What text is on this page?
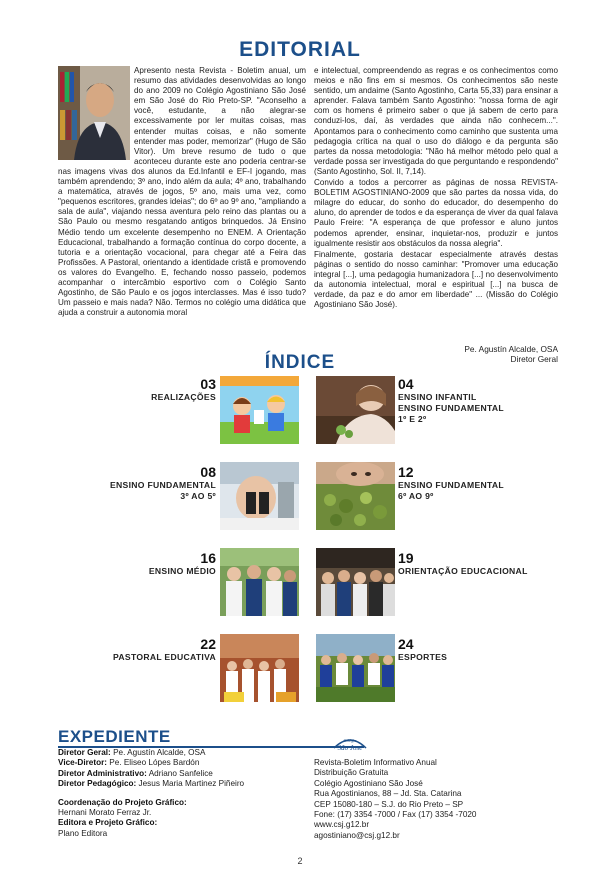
EDITORIAL
Apresento nesta Revista - Boletim anual, um resumo das atividades desenvolvidas ao longo do ano 2009 no Colégio Agostiniano São José em São José do Rio Preto-SP. "Aconselho a você, estudante, a não alegrar-se excessivamente por ler muitas coisas, mas entender muitas coisas, e não somente entender mas poder, memorizar" (Hugo de São Vitor). Um breve resumo de tudo o que aconteceu durante este ano poderia centrar-se nas imagens vivas dos alunos da Ed.Infantil e EF-I jogando, mas também aprendendo; 3º ano, indo além da aula; 4º ano, trabalhando a matemática, através de jogos, 5º ano, mais uma vez, como "pequenos escritores, grandes ideias"; do 6º ao 9º ano, "ampliando a sala de aula", viajando nessa aventura pelo reino das plantas ou a São Paulo ou mesmo resgatando antigos brinquedos. Já Ensino Médio tendo um excelente desempenho no ENEM. A Orientação Educacional, trabalhando a formação contínua do corpo docente, a tutoria e a orientação vocacional, para chegar até a Feira das Profissões. A Pastoral, orientando a identidade cristã e promovendo os valores do Evangelho. E, fechando nosso passeio, podemos acompanhar o intercâmbio esportivo com o Colégio Santo Agostinho, de São Paulo e os jogos interclasses. Mas é isso tudo? Um passeio e mais nada? Não. Termos no colégio uma didática que ajuda a construir a autonomia moral

e intelectual, compreendendo as regras e os conhecimentos como meios e não fins em si mesmos. Os conhecimentos são neste sentido, um andaime (Santo Agostinho, Carta 55,33) para ensinar a aprender. Falava também Santo Agostinho: "nossa forma de agir com os homens é primeiro saber o que já sabem de certo para conduzi-los, daí, às verdades que ainda não conhecem...". Apontamos para o conhecimento como caminho que sustenta uma pedagogia crítica na qual o uso do diálogo e da pergunta são partes da nossa metodologia: "Não há melhor método pelo qual a verdade possa ser investigada do que perguntando e respondendo" (Santo Agostinho, Sol. II, 7,14).

Convido a todos a percorrer as páginas de nossa REVISTA-BOLETIM AGOSTINIANO-2009 que são partes da nossa vida, do milagre do educar, do sonho do educador, do desempenho do aluno, do aprender de todos e da esperança de viver da qual falava Paulo Freire: "A esperança de que professor e aluno juntos podemos aprender, ensinar, inquietar-nos, produzir e juntos igualmente resistir aos obstáculos da nossa alegria".

Finalmente, gostaria destacar especialmente através destas páginas o sentido do nosso caminhar: "Promover uma educação integral [...], uma pedagogia humanizadora [...] no desenvolvimento da autonomia intelectual, moral e espiritual [...] na busca de verdade, da paz e do amor em liberdade" ... (Missão do Colégio Agostiniano São José).

Pe. Agustín Alcalde, OSA
Diretor Geral
ÍNDICE
03
REALIZAÇÕES
04
ENSINO INFANTIL
ENSINO FUNDAMENTAL
1º E 2º
08
ENSINO FUNDAMENTAL
3º AO 5º
12
ENSINO FUNDAMENTAL
6º AO 9º
16
ENSINO MÉDIO
19
ORIENTAÇÃO EDUCACIONAL
22
PASTORAL EDUCATIVA
24
ESPORTES
EXPEDIENTE
Diretor Geral: Pe. Agustín Alcalde, OSA
Vice-Diretor: Pe. Eliseo Lópes Bardón
Diretor Administrativo: Adriano Sanfelice
Diretor Pedagógico: Jesus Maria Martinez Piñeiro
Coordenação do Projeto Gráfico:
Hernani Morato Ferraz Jr.
Editora e Projeto Gráfico:
Plano Editora
Colégio
São José
Revista-Boletim Informativo Anual
Distribuição Gratuita
Colégio Agostiniano São José
Rua Agostinianos, 88 – Jd. Sta. Catarina
CEP 15080-180 – S.J. do Rio Preto – SP
Fone: (17) 3354 -7000 / Fax (17) 3354 -7020
www.csj.g12.br
agostiniano@csj.g12.br
2
